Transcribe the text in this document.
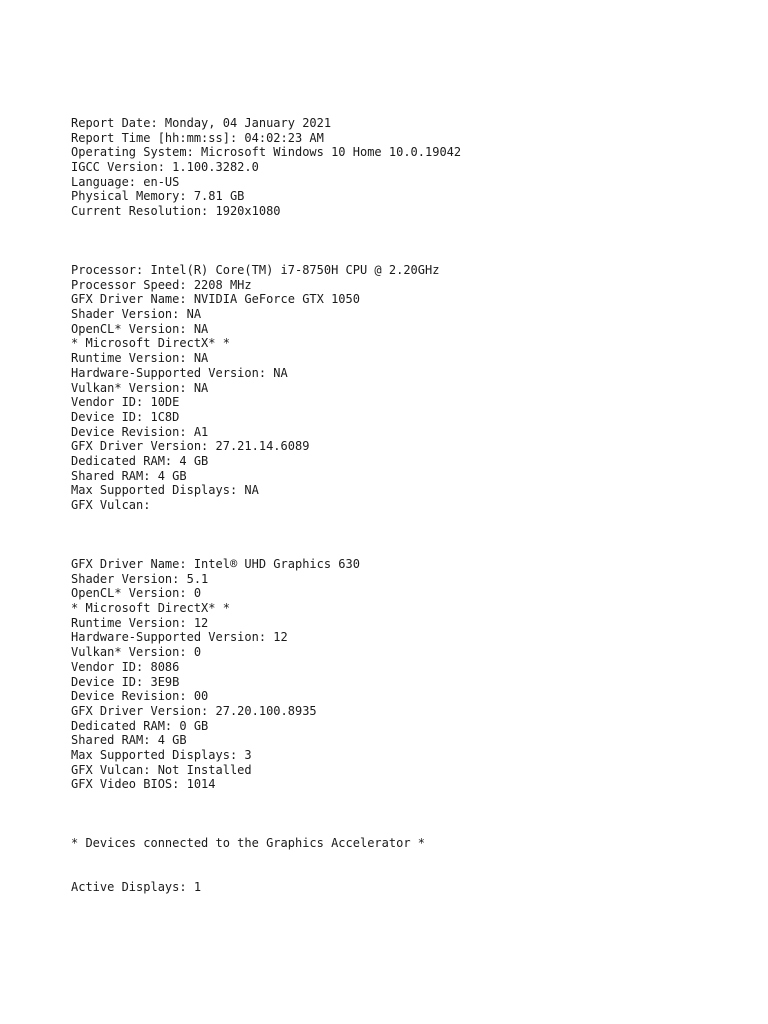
Report Date: Monday, 04 January 2021
Report Time [hh:mm:ss]: 04:02:23 AM
Operating System: Microsoft Windows 10 Home 10.0.19042
IGCC Version: 1.100.3282.0
Language: en-US
Physical Memory: 7.81 GB
Current Resolution: 1920x1080
Processor: Intel(R) Core(TM) i7-8750H CPU @ 2.20GHz
Processor Speed: 2208 MHz
GFX Driver Name: NVIDIA GeForce GTX 1050
Shader Version: NA
OpenCL* Version: NA
* Microsoft DirectX* *
Runtime Version: NA
Hardware-Supported Version: NA
Vulkan* Version: NA
Vendor ID: 10DE
Device ID: 1C8D
Device Revision: A1
GFX Driver Version: 27.21.14.6089
Dedicated RAM: 4 GB
Shared RAM: 4 GB
Max Supported Displays: NA
GFX Vulcan:
GFX Driver Name: Intel® UHD Graphics 630
Shader Version: 5.1
OpenCL* Version: 0
* Microsoft DirectX* *
Runtime Version: 12
Hardware-Supported Version: 12
Vulkan* Version: 0
Vendor ID: 8086
Device ID: 3E9B
Device Revision: 00
GFX Driver Version: 27.20.100.8935
Dedicated RAM: 0 GB
Shared RAM: 4 GB
Max Supported Displays: 3
GFX Vulcan: Not Installed
GFX Video BIOS: 1014
* Devices connected to the Graphics Accelerator *
Active Displays: 1
